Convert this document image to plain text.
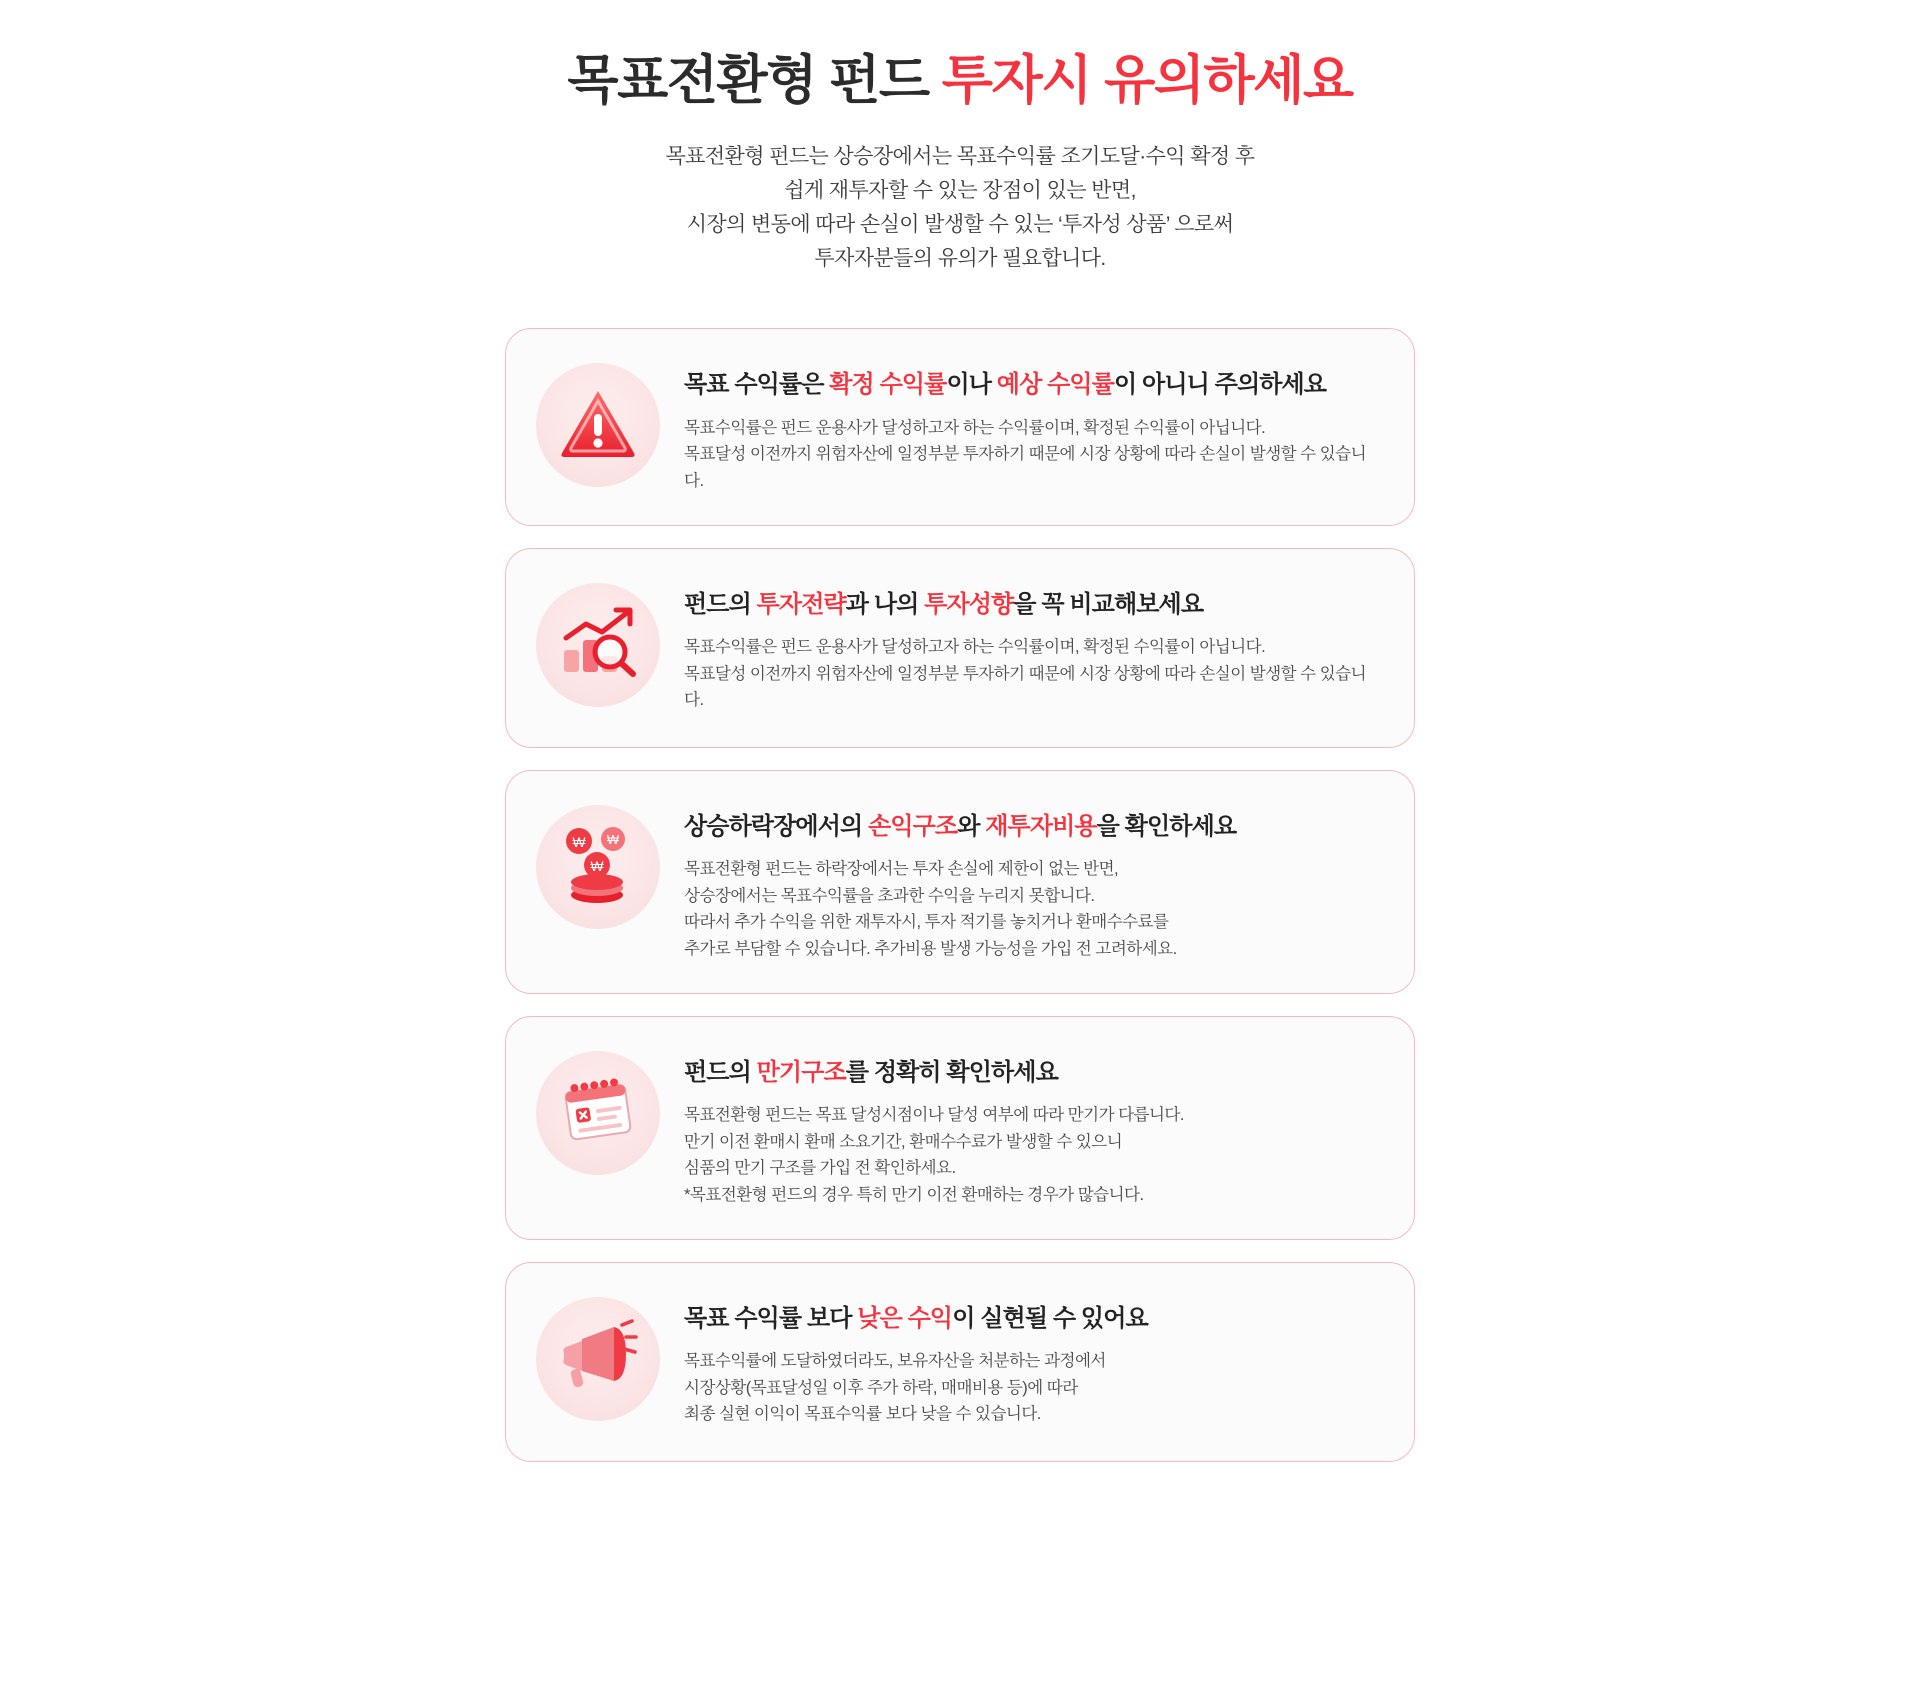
목표전환형 펀드 투자시 유의하세요

목표전환형 펀드는 상승장에서는 목표수익률 조기도달·수익 확정 후
쉽게 재투자할 수 있는 장점이 있는 반면,
시장의 변동에 따라 손실이 발생할 수 있는 ‘투자성 상품’ 으로써
투자자분들의 유의가 필요합니다.

목표 수익률은 확정 수익률이나 예상 수익률이 아니니 주의하세요
목표수익률은 펀드 운용사가 달성하고자 하는 수익률이며, 확정된 수익률이 아닙니다.
목표달성 이전까지 위험자산에 일정부분 투자하기 때문에 시장 상황에 따라 손실이 발생할 수 있습니다.
펀드의 투자전략과 나의 투자성향을 꼭 비교해보세요
목표수익률은 펀드 운용사가 달성하고자 하는 수익률이며, 확정된 수익률이 아닙니다.
목표달성 이전까지 위험자산에 일정부분 투자하기 때문에 시장 상황에 따라 손실이 발생할 수 있습니다.
₩ ₩
₩
상승하락장에서의 손익구조와 재투자비용을 확인하세요
목표전환형 펀드는 하락장에서는 투자 손실에 제한이 없는 반면,
상승장에서는 목표수익률을 초과한 수익을 누리지 못합니다.
따라서 추가 수익을 위한 재투자시, 투자 적기를 놓치거나 환매수수료를
추가로 부담할 수 있습니다. 추가비용 발생 가능성을 가입 전 고려하세요.
펀드의 만기구조를 정확히 확인하세요
목표전환형 펀드는 목표 달성시점이나 달성 여부에 따라 만기가 다릅니다.
만기 이전 환매시 환매 소요기간, 환매수수료가 발생할 수 있으니
심품의 만기 구조를 가입 전 확인하세요.
*목표전환형 펀드의 경우 특히 만기 이전 환매하는 경우가 많습니다.
목표 수익률 보다 낮은 수익이 실현될 수 있어요
목표수익률에 도달하였더라도, 보유자산을 처분하는 과정에서
시장상황(목표달성일 이후 주가 하락, 매매비용 등)에 따라
최종 실현 이익이 목표수익률 보다 낮을 수 있습니다.
